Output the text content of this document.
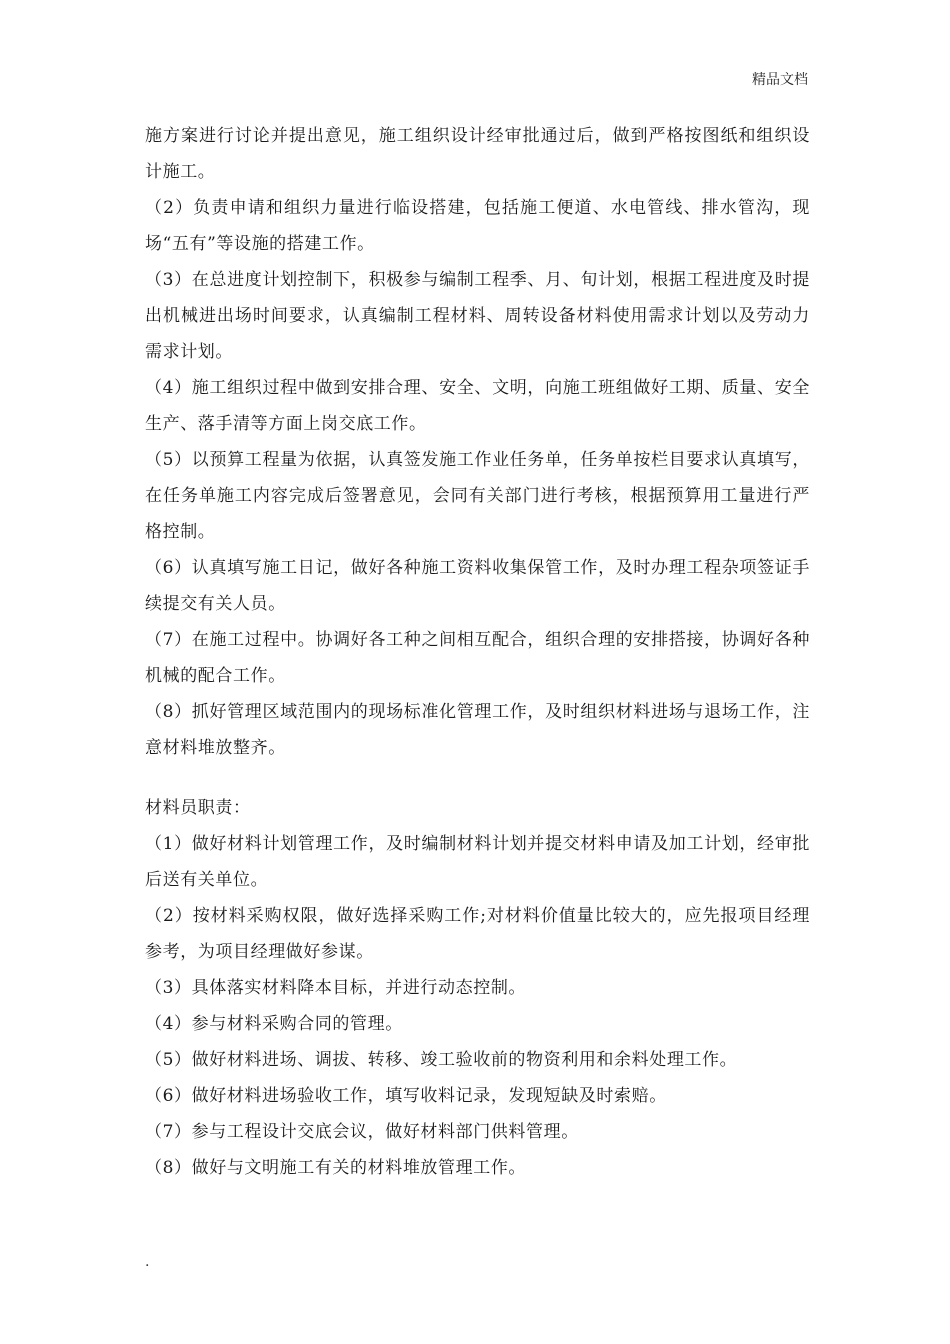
精品文档
施方案进行讨论并提出意见，施工组织设计经审批通过后，做到严格按图纸和组织设计施工。
（2）负责申请和组织力量进行临设搭建，包括施工便道、水电管线、排水管沟，现场“五有”等设施的搭建工作。
（3）在总进度计划控制下，积极参与编制工程季、月、旬计划，根据工程进度及时提出机械进出场时间要求，认真编制工程材料、周转设备材料使用需求计划以及劳动力需求计划。
（4）施工组织过程中做到安排合理、安全、文明，向施工班组做好工期、质量、安全生产、落手清等方面上岗交底工作。
（5）以预算工程量为依据，认真签发施工作业任务单，任务单按栏目要求认真填写，在任务单施工内容完成后签署意见，会同有关部门进行考核，根据预算用工量进行严格控制。
（6）认真填写施工日记，做好各种施工资料收集保管工作，及时办理工程杂项签证手续提交有关人员。
（7）在施工过程中。协调好各工种之间相互配合，组织合理的安排搭接，协调好各种机械的配合工作。
（8）抓好管理区域范围内的现场标准化管理工作，及时组织材料进场与退场工作，注意材料堆放整齐。

材料员职责：

（1）做好材料计划管理工作，及时编制材料计划并提交材料申请及加工计划，经审批后送有关单位。
（2）按材料采购权限，做好选择采购工作;对材料价值量比较大的，应先报项目经理参考，为项目经理做好参谋。
（3）具体落实材料降本目标，并进行动态控制。
（4）参与材料采购合同的管理。
（5）做好材料进场、调拔、转移、竣工验收前的物资利用和余料处理工作。
（6）做好材料进场验收工作，填写收料记录，发现短缺及时索赔。
（7）参与工程设计交底会议，做好材料部门供料管理。
（8）做好与文明施工有关的材料堆放管理工作。
.
